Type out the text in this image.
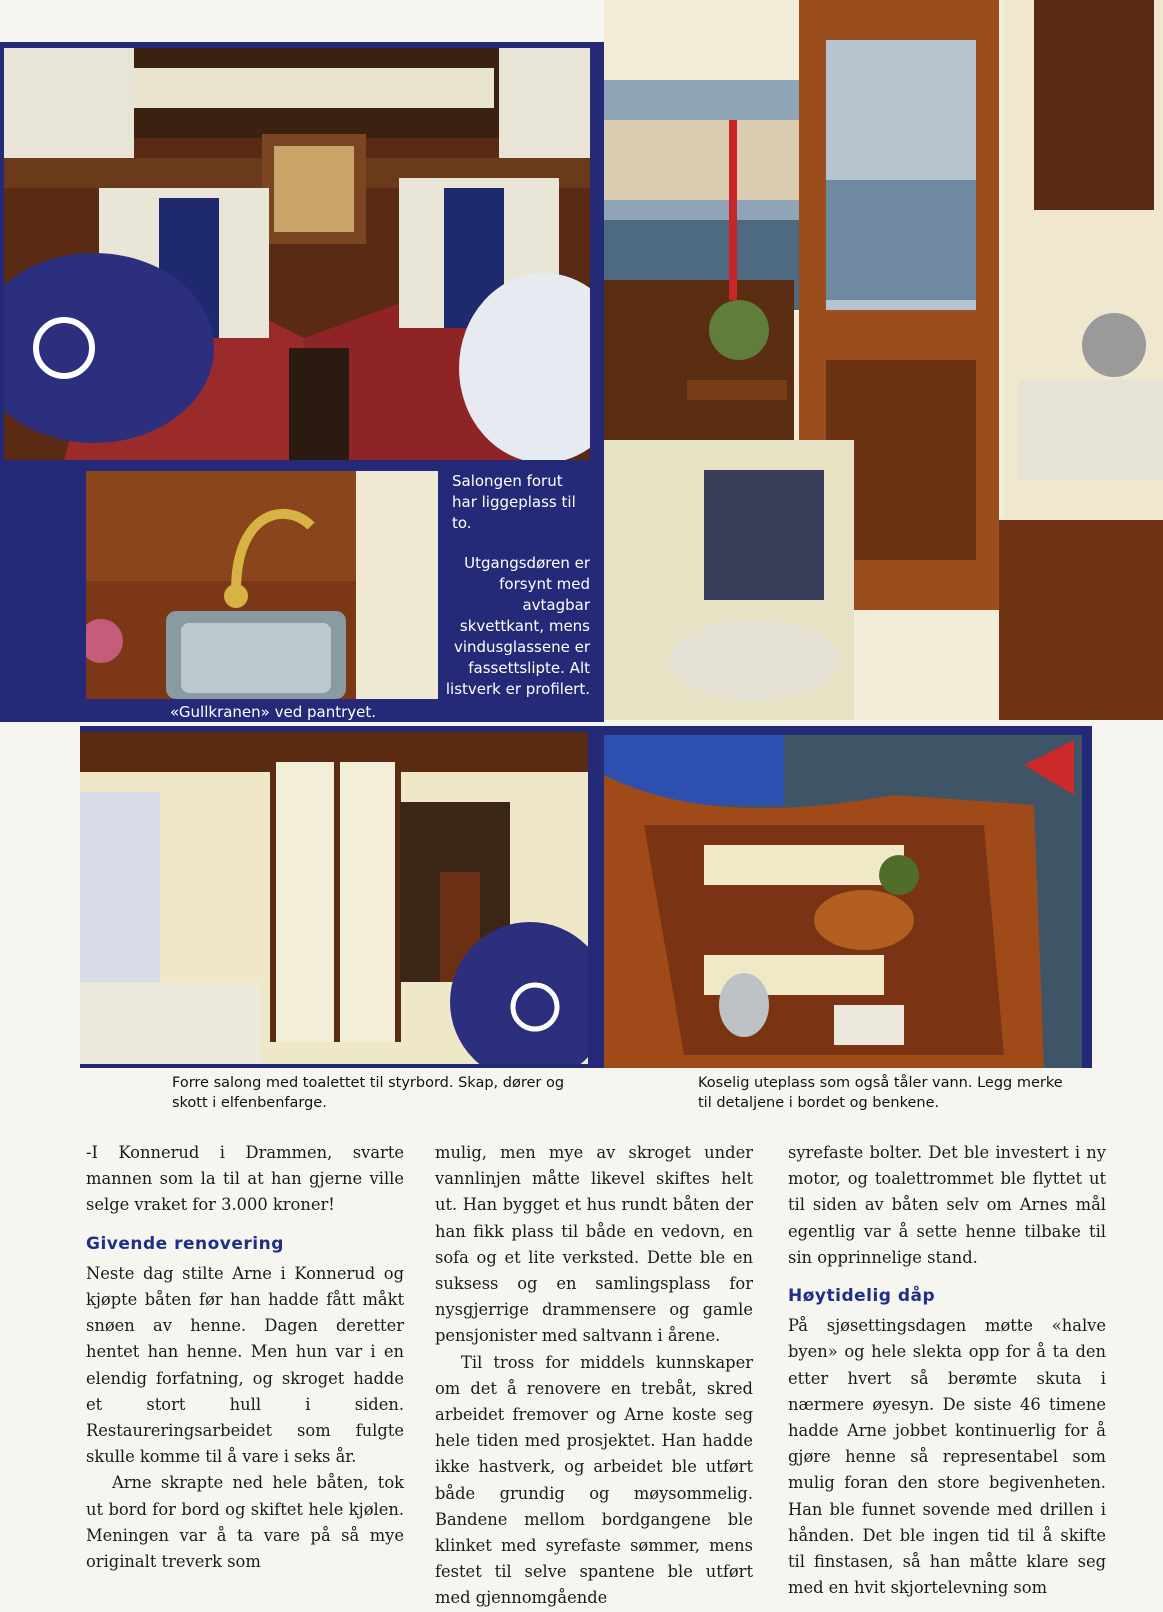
Salongen forut har liggeplass til to.
Utgangsdøren er forsynt med avtagbar skvettkant, mens vindusglassene er fassettslipte. Alt listverk er profilert.
«Gullkranen» ved pantryet.
Forre salong med toalettet til styrbord. Skap, dører og skott i elfenbenfarge.
Koselig uteplass som også tåler vann. Legg merke til detaljene i bordet og benkene.

-I Konnerud i Drammen, svarte mannen som la til at han gjerne ville selge vraket for 3.000 kroner!

Givende renovering

Neste dag stilte Arne i Konnerud og kjøpte båten før han hadde fått måkt snøen av henne. Dagen deretter hentet han henne. Men hun var i en elendig forfatning, og skroget hadde et stort hull i siden. Restaureringsarbeidet som fulgte skulle komme til å vare i seks år.

Arne skrapte ned hele båten, tok ut bord for bord og skiftet hele kjølen. Meningen var å ta vare på så mye originalt treverk som

mulig, men mye av skroget under vannlinjen måtte likevel skiftes helt ut. Han bygget et hus rundt båten der han fikk plass til både en vedovn, en sofa og et lite verksted. Dette ble en suksess og en samlingsplass for nysgjerrige drammensere og gamle pensjonister med saltvann i årene.

Til tross for middels kunnskaper om det å renovere en trebåt, skred arbeidet fremover og Arne koste seg hele tiden med prosjektet. Han hadde ikke hastverk, og arbeidet ble utført både grundig og møysommelig. Bandene mellom bordgangene ble klinket med syrefaste sømmer, mens festet til selve spantene ble utført med gjennomgående

syrefaste bolter. Det ble investert i ny motor, og toalettrommet ble flyttet ut til siden av båten selv om Arnes mål egentlig var å sette henne tilbake til sin opprinnelige stand.

Høytidelig dåp

På sjøsettingsdagen møtte «halve byen» og hele slekta opp for å ta den etter hvert så berømte skuta i nærmere øyesyn. De siste 46 timene hadde Arne jobbet kontinuerlig for å gjøre henne så representabel som mulig foran den store begivenheten. Han ble funnet sovende med drillen i hånden. Det ble ingen tid til å skifte til finstasen, så han måtte klare seg med en hvit skjortelevning som
